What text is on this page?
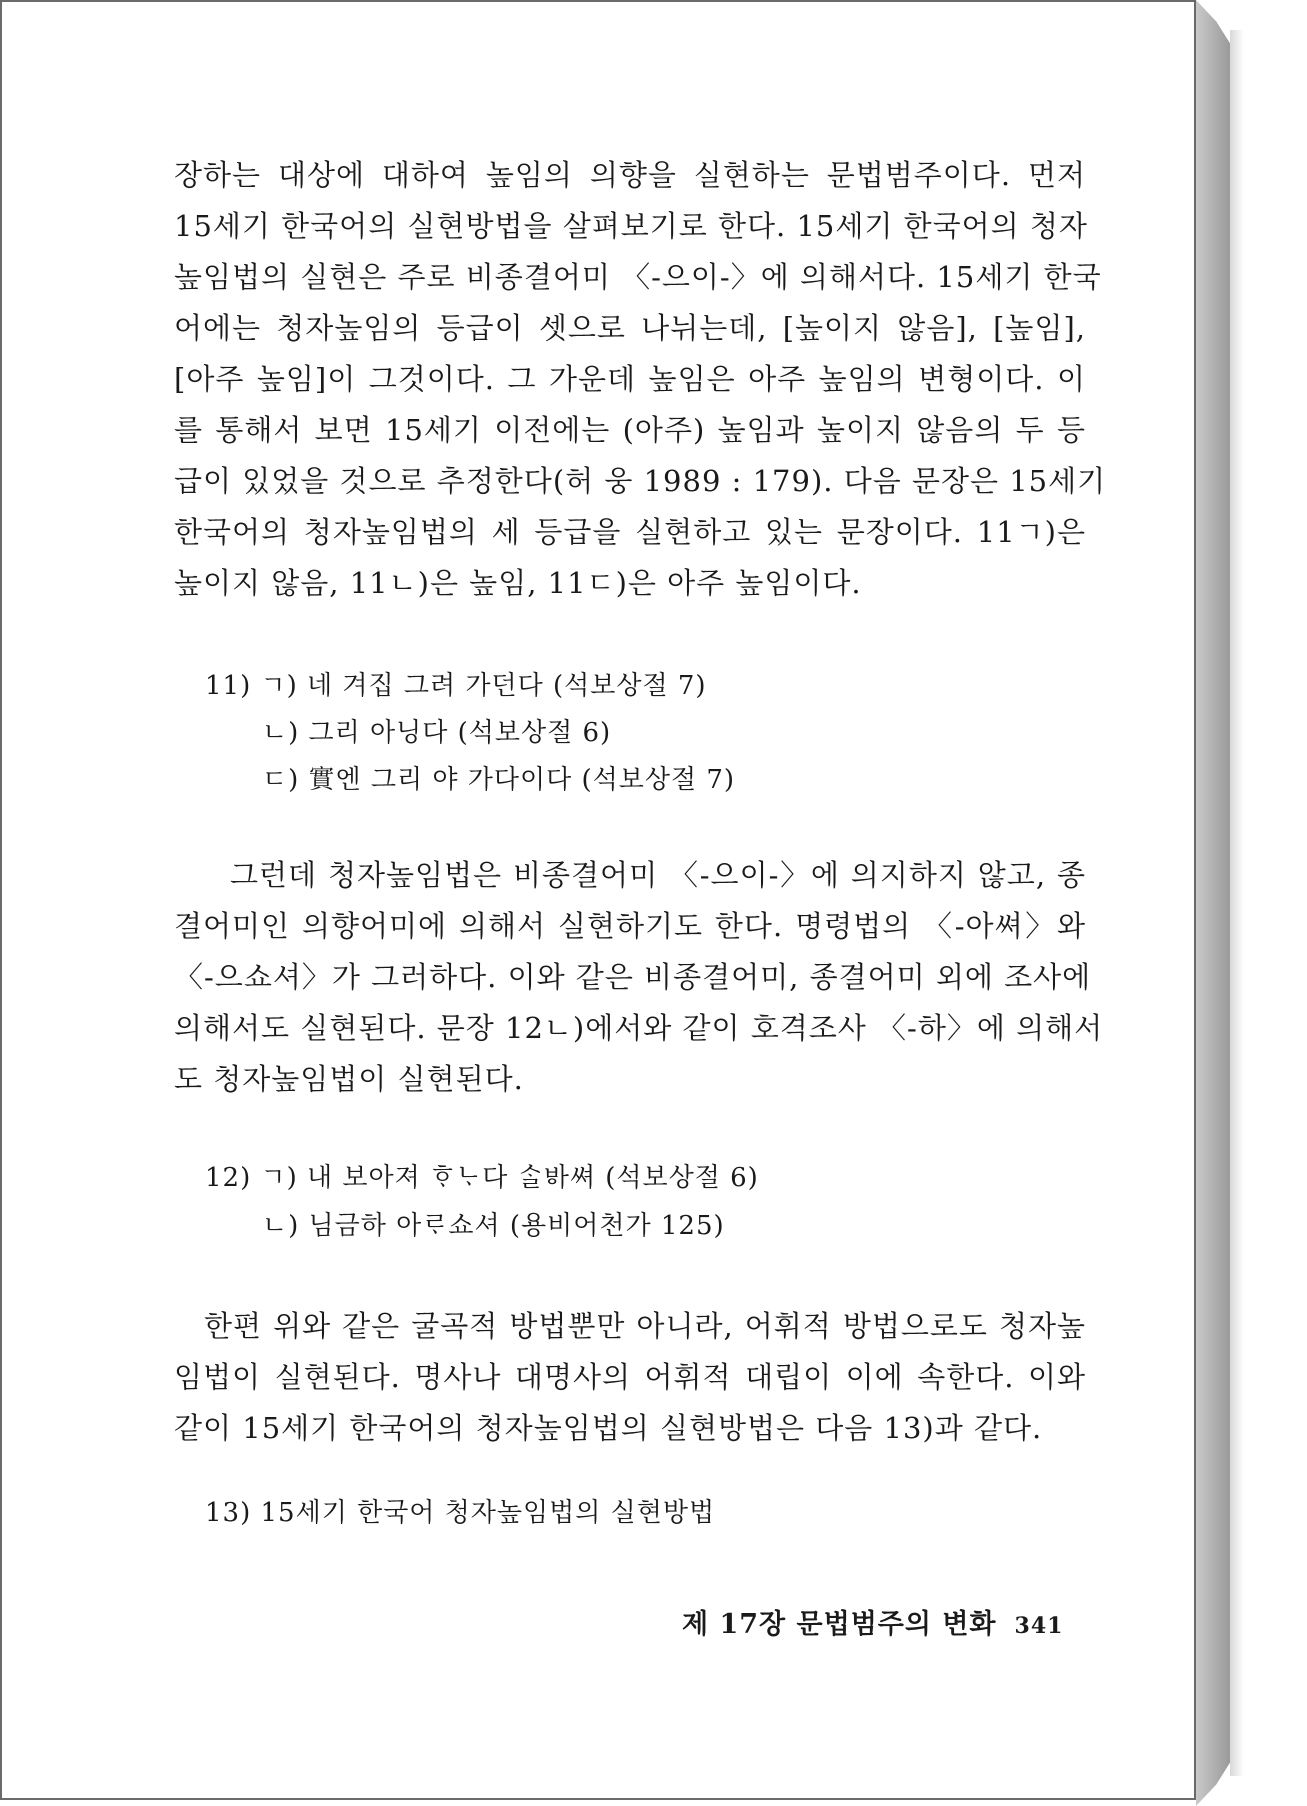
장하는 대상에 대하여 높임의 의향을 실현하는 문법범주이다. 먼저
15세기 한국어의 실현방법을 살펴보기로 한다. 15세기 한국어의 청자
높임법의 실현은 주로 비종결어미 〈-으이-〉에 의해서다. 15세기 한국
어에는 청자높임의 등급이 셋으로 나뉘는데, [높이지 않음], [높임],
[아주 높임]이 그것이다. 그 가운데 높임은 아주 높임의 변형이다. 이
를 통해서 보면 15세기 이전에는 (아주) 높임과 높이지 않음의 두 등
급이 있었을 것으로 추정한다(허 웅 1989 : 179). 다음 문장은 15세기
한국어의 청자높임법의 세 등급을 실현하고 있는 문장이다. 11ㄱ)은
높이지 않음, 11ㄴ)은 높임, 11ㄷ)은 아주 높임이다.

11) ㄱ) 네 겨집 그려 가던다 (석보상절 7)

ㄴ) 그리 아닝다 (석보상절 6)

ㄷ) 實엔 그리 야 가다이다 (석보상절 7)

그런데 청자높임법은 비종결어미 〈-으이-〉에 의지하지 않고, 종
결어미인 의향어미에 의해서 실현하기도 한다. 명령법의 〈-아쎠〉와
〈-으쇼셔〉가 그러하다. 이와 같은 비종결어미, 종결어미 외에 조사에
의해서도 실현된다. 문장 12ㄴ)에서와 같이 호격조사 〈-하〉에 의해서
도 청자높임법이 실현된다.

12) ㄱ) 내 보아져 ᄒᆞᄂᆞ다 ᄉᆞᆯᄫᅡ쎠 (석보상절 6)

ㄴ) 님금하 아ᄅᆞ쇼셔 (용비어천가 125)

한편 위와 같은 굴곡적 방법뿐만 아니라, 어휘적 방법으로도 청자높
임법이 실현된다. 명사나 대명사의 어휘적 대립이 이에 속한다. 이와
같이 15세기 한국어의 청자높임법의 실현방법은 다음 13)과 같다.

13) 15세기 한국어 청자높임법의 실현방법

제 17장 문법범주의 변화 341
